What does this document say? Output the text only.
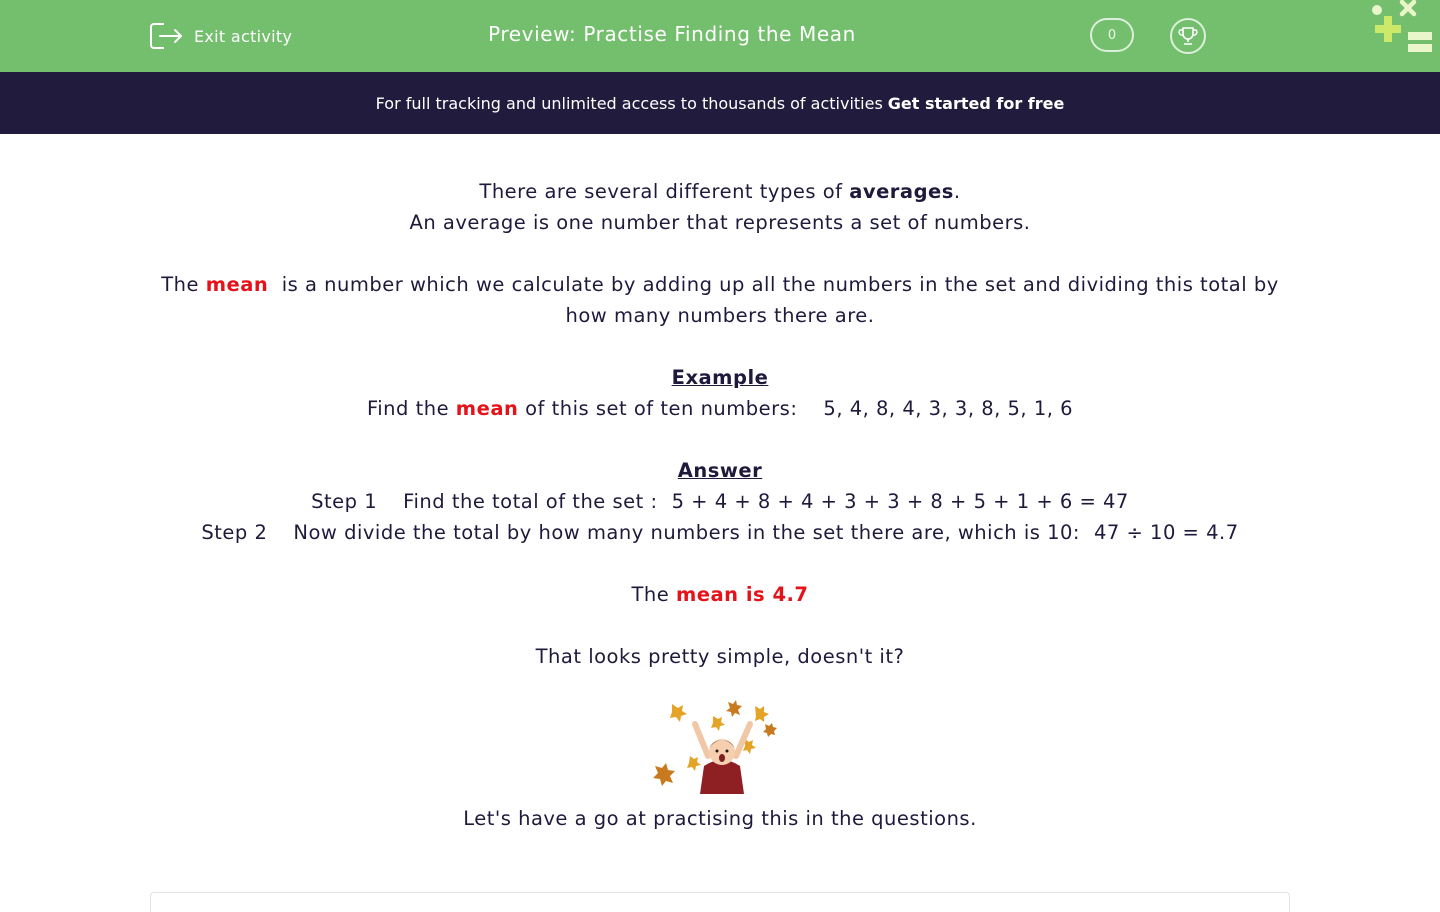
Exit activity	Preview: Practise Finding the Mean	0
For full tracking and unlimited access to thousands of activities Get started for free

There are several different types of averages.

An average is one number that represents a set of numbers.

The mean is a number which we calculate by adding up all the numbers in the set and dividing this total by how many numbers there are.

Example

Find the mean of this set of ten numbers: 5, 4, 8, 4, 3, 3, 8, 5, 1, 6

Answer

Step 1 Find the total of the set : 5 + 4 + 8 + 4 + 3 + 3 + 8 + 5 + 1 + 6 = 47

Step 2 Now divide the total by how many numbers in the set there are, which is 10: 47 ÷ 10 = 4.7

The mean is 4.7

That looks pretty simple, doesn't it?

Let's have a go at practising this in the questions.
